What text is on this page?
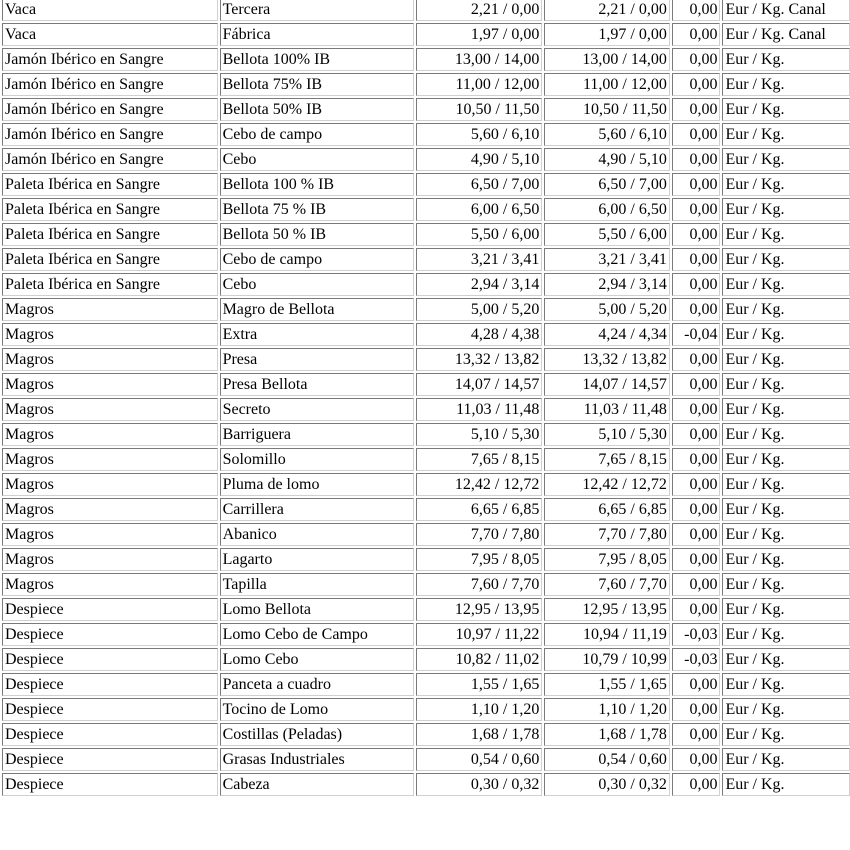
Vaca	Tercera	2,21 / 0,00	2,21 / 0,00	0,00	Eur / Kg. Canal
Vaca	Fábrica	1,97 / 0,00	1,97 / 0,00	0,00	Eur / Kg. Canal
Jamón Ibérico en Sangre	Bellota 100% IB	13,00 / 14,00	13,00 / 14,00	0,00	Eur / Kg.
Jamón Ibérico en Sangre	Bellota 75% IB	11,00 / 12,00	11,00 / 12,00	0,00	Eur / Kg.
Jamón Ibérico en Sangre	Bellota 50% IB	10,50 / 11,50	10,50 / 11,50	0,00	Eur / Kg.
Jamón Ibérico en Sangre	Cebo de campo	5,60 / 6,10	5,60 / 6,10	0,00	Eur / Kg.
Jamón Ibérico en Sangre	Cebo	4,90 / 5,10	4,90 / 5,10	0,00	Eur / Kg.
Paleta Ibérica en Sangre	Bellota 100 % IB	6,50 / 7,00	6,50 / 7,00	0,00	Eur / Kg.
Paleta Ibérica en Sangre	Bellota 75 % IB	6,00 / 6,50	6,00 / 6,50	0,00	Eur / Kg.
Paleta Ibérica en Sangre	Bellota 50 % IB	5,50 / 6,00	5,50 / 6,00	0,00	Eur / Kg.
Paleta Ibérica en Sangre	Cebo de campo	3,21 / 3,41	3,21 / 3,41	0,00	Eur / Kg.
Paleta Ibérica en Sangre	Cebo	2,94 / 3,14	2,94 / 3,14	0,00	Eur / Kg.
Magros	Magro de Bellota	5,00 / 5,20	5,00 / 5,20	0,00	Eur / Kg.
Magros	Extra	4,28 / 4,38	4,24 / 4,34	-0,04	Eur / Kg.
Magros	Presa	13,32 / 13,82	13,32 / 13,82	0,00	Eur / Kg.
Magros	Presa Bellota	14,07 / 14,57	14,07 / 14,57	0,00	Eur / Kg.
Magros	Secreto	11,03 / 11,48	11,03 / 11,48	0,00	Eur / Kg.
Magros	Barriguera	5,10 / 5,30	5,10 / 5,30	0,00	Eur / Kg.
Magros	Solomillo	7,65 / 8,15	7,65 / 8,15	0,00	Eur / Kg.
Magros	Pluma de lomo	12,42 / 12,72	12,42 / 12,72	0,00	Eur / Kg.
Magros	Carrillera	6,65 / 6,85	6,65 / 6,85	0,00	Eur / Kg.
Magros	Abanico	7,70 / 7,80	7,70 / 7,80	0,00	Eur / Kg.
Magros	Lagarto	7,95 / 8,05	7,95 / 8,05	0,00	Eur / Kg.
Magros	Tapilla	7,60 / 7,70	7,60 / 7,70	0,00	Eur / Kg.
Despiece	Lomo Bellota	12,95 / 13,95	12,95 / 13,95	0,00	Eur / Kg.
Despiece	Lomo Cebo de Campo	10,97 / 11,22	10,94 / 11,19	-0,03	Eur / Kg.
Despiece	Lomo Cebo	10,82 / 11,02	10,79 / 10,99	-0,03	Eur / Kg.
Despiece	Panceta a cuadro	1,55 / 1,65	1,55 / 1,65	0,00	Eur / Kg.
Despiece	Tocino de Lomo	1,10 / 1,20	1,10 / 1,20	0,00	Eur / Kg.
Despiece	Costillas (Peladas)	1,68 / 1,78	1,68 / 1,78	0,00	Eur / Kg.
Despiece	Grasas Industriales	0,54 / 0,60	0,54 / 0,60	0,00	Eur / Kg.
Despiece	Cabeza	0,30 / 0,32	0,30 / 0,32	0,00	Eur / Kg.
